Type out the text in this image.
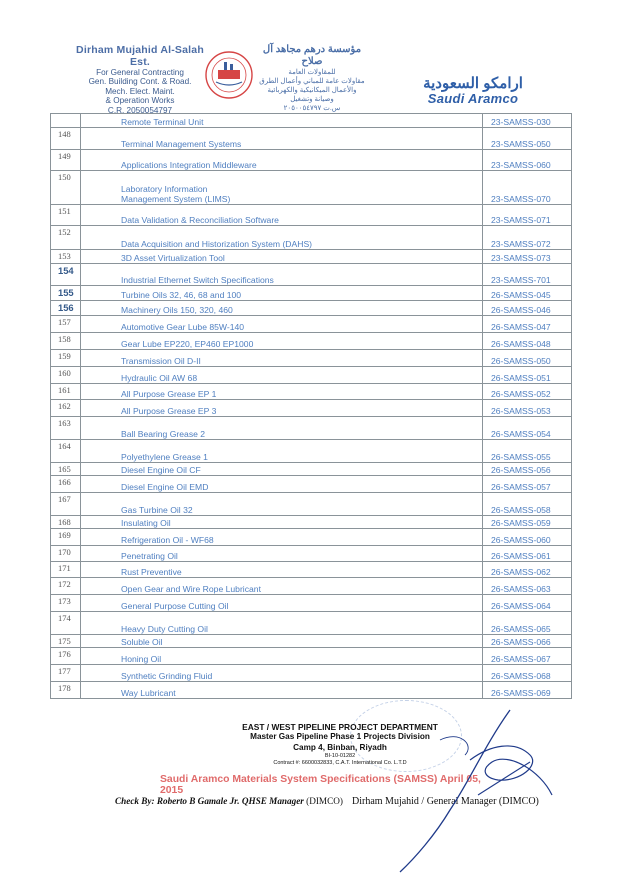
Dirham Mujahid Al-Salah Est.
For General Contracting
Gen. Building Cont. & Road.
Mech. Elect. Maint.
& Operation Works
C.R. 2050054797
مؤسسة درهم مجاهد آل صلاح
للمقاولات العامة
مقاولات عامة للمباني وأعمال الطرق
والأعمال الميكانيكية والكهربائية
وصيانة وتشغيل
س.ت ٢٠٥٠٠٥٤٧٩٧
ارامكو السعودية
Saudi Aramco
	Remote Terminal Unit	23-SAMSS-030
148	Terminal Management Systems	23-SAMSS-050
149	Applications Integration Middleware	23-SAMSS-060
150	Laboratory Information
Management System (LIMS)	23-SAMSS-070
151	Data Validation & Reconciliation Software	23-SAMSS-071
152	Data Acquisition and Historization System (DAHS)	23-SAMSS-072
153	3D Asset Virtualization Tool	23-SAMSS-073
154	Industrial Ethernet Switch Specifications	23-SAMSS-701
155	Turbine Oils 32, 46, 68 and 100	26-SAMSS-045
156	Machinery Oils 150, 320, 460	26-SAMSS-046
157	Automotive Gear Lube 85W-140	26-SAMSS-047
158	Gear Lube EP220, EP460 EP1000	26-SAMSS-048
159	Transmission Oil D-II	26-SAMSS-050
160	Hydraulic Oil AW 68	26-SAMSS-051
161	All Purpose Grease EP 1	26-SAMSS-052
162	All Purpose Grease EP 3	26-SAMSS-053
163	Ball Bearing Grease 2	26-SAMSS-054
164	Polyethylene Grease 1	26-SAMSS-055
165	Diesel Engine Oil CF	26-SAMSS-056
166	Diesel Engine Oil EMD	26-SAMSS-057
167	Gas Turbine Oil 32	26-SAMSS-058
168	Insulating Oil	26-SAMSS-059
169	Refrigeration Oil - WF68	26-SAMSS-060
170	Penetrating Oil	26-SAMSS-061
171	Rust Preventive	26-SAMSS-062
172	Open Gear and Wire Rope Lubricant	26-SAMSS-063
173	General Purpose Cutting Oil	26-SAMSS-064
174	Heavy Duty Cutting Oil	26-SAMSS-065
175	Soluble Oil	26-SAMSS-066
176	Honing Oil	26-SAMSS-067
177	Synthetic Grinding Fluid	26-SAMSS-068
178	Way Lubricant	26-SAMSS-069
EAST / WEST PIPELINE PROJECT DEPARTMENT
Master Gas Pipeline Phase 1 Projects Division
Camp 4, Binban, Riyadh
BI-10-01282
Contract #: 6600032833, C.A.T. International Co. L.T.D
Saudi Aramco Materials System Specifications (SAMSS) April 05, 2015
Check By: Roberto B Gamale Jr. QHSE Manager (DIMCO) Dirham Mujahid / General Manager (DIMCO)
